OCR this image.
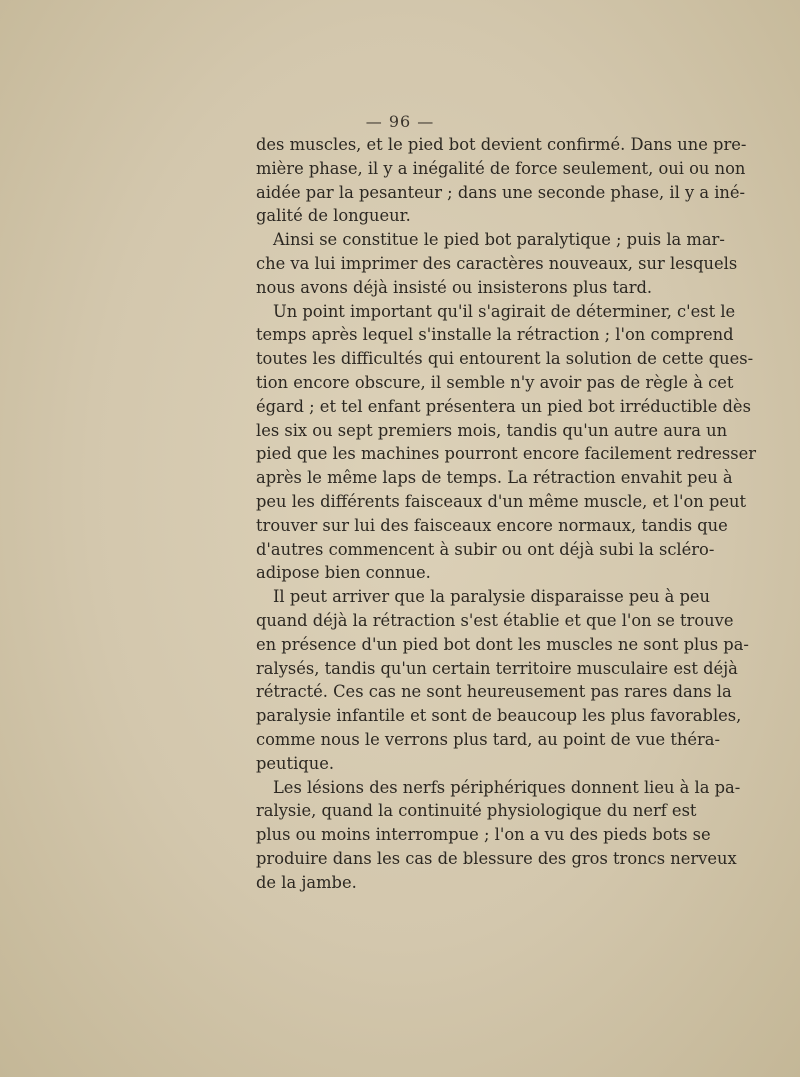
— 96 —
des muscles, et le pied bot devient confirmé. Dans une pre-
mière phase, il y a inégalité de force seulement, oui ou non
aidée par la pesanteur ; dans une seconde phase, il y a iné-
galité de longueur.
Ainsi se constitue le pied bot paralytique ; puis la mar-
che va lui imprimer des caractères nouveaux, sur lesquels
nous avons déjà insisté ou insisterons plus tard.
Un point important qu'il s'agirait de déterminer, c'est le
temps après lequel s'installe la rétraction ; l'on comprend
toutes les difficultés qui entourent la solution de cette ques-
tion encore obscure, il semble n'y avoir pas de règle à cet
égard ; et tel enfant présentera un pied bot irréductible dès
les six ou sept premiers mois, tandis qu'un autre aura un
pied que les machines pourront encore facilement redresser
après le même laps de temps. La rétraction envahit peu à
peu les différents faisceaux d'un même muscle, et l'on peut
trouver sur lui des faisceaux encore normaux, tandis que
d'autres commencent à subir ou ont déjà subi la scléro-
adipose bien connue.
Il peut arriver que la paralysie disparaisse peu à peu
quand déjà la rétraction s'est établie et que l'on se trouve
en présence d'un pied bot dont les muscles ne sont plus pa-
ralysés, tandis qu'un certain territoire musculaire est déjà
rétracté. Ces cas ne sont heureusement pas rares dans la
paralysie infantile et sont de beaucoup les plus favorables,
comme nous le verrons plus tard, au point de vue théra-
peutique.
Les lésions des nerfs périphériques donnent lieu à la pa-
ralysie, quand la continuité physiologique du nerf est
plus ou moins interrompue ; l'on a vu des pieds bots se
produire dans les cas de blessure des gros troncs nerveux
de la jambe.
